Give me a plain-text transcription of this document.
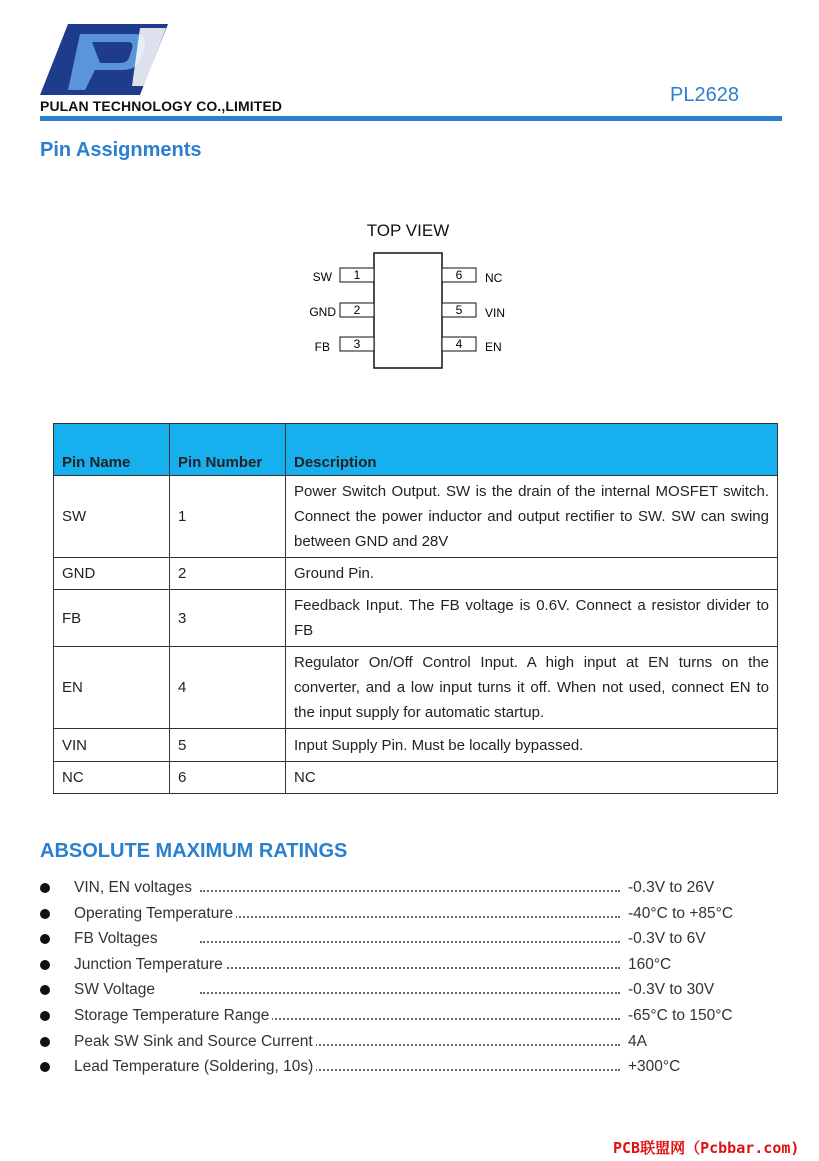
PULAN TECHNOLOGY CO.,LIMITED	PL2628
Pin Assignments
TOP VIEW
1
SW
2
GND
3
FB
6 NC
5 VIN
4 EN
Pin Name	Pin Number	Description
SW	1	Power Switch Output. SW is the drain of the internal MOSFET switch. Connect the power inductor and output rectifier to SW. SW can swing between GND and 28V
GND	2	Ground Pin.
FB	3	Feedback Input. The FB voltage is 0.6V. Connect a resistor divider to FB
EN	4	Regulator On/Off Control Input. A high input at EN turns on the converter, and a low input turns it off. When not used, connect EN to the input supply for automatic startup.
VIN	5	Input Supply Pin. Must be locally bypassed.
NC	6	NC
ABSOLUTE MAXIMUM RATINGS
VIN, EN voltages	-0.3V to 26V
Operating Temperature	-40°C to +85°C
FB Voltages	-0.3V to 6V
Junction Temperature	160°C
SW Voltage	-0.3V to 30V
Storage Temperature Range	-65°C to 150°C
Peak SW Sink and Source Current	4A
Lead Temperature (Soldering, 10s)	+300°C
PCB联盟网（Pcbbar.com)
